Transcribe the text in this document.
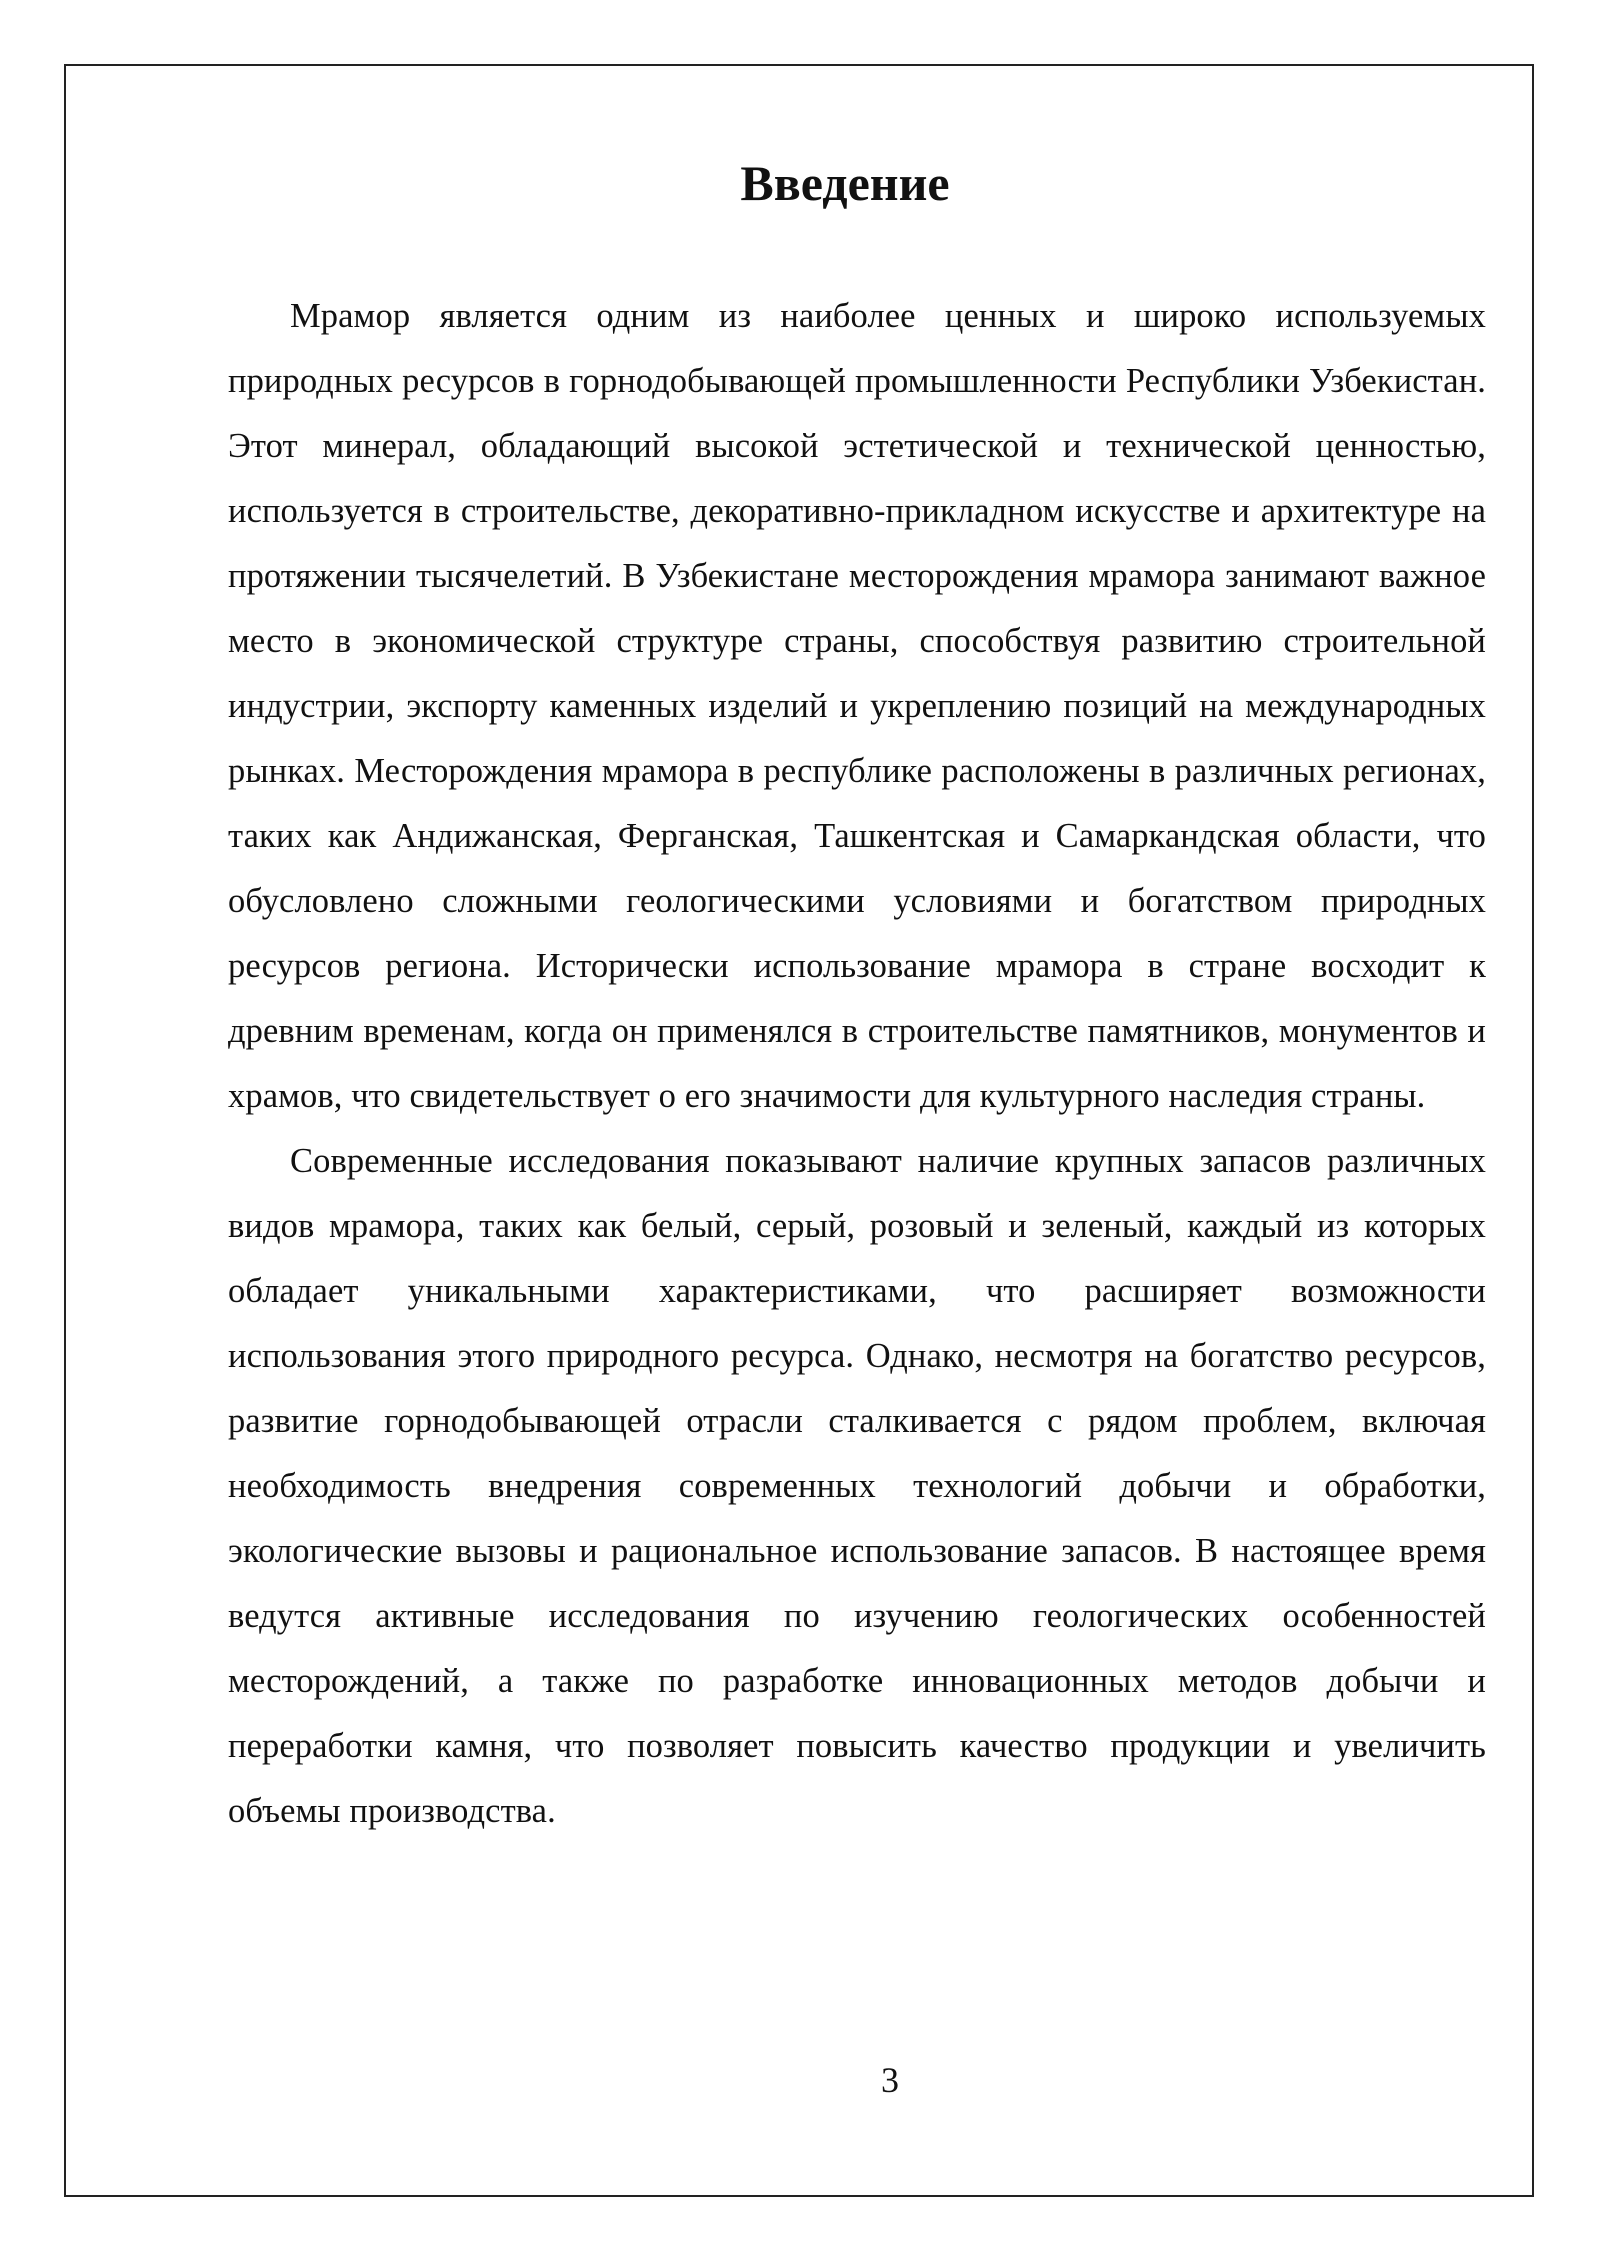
Введение

Мрамор является одним из наиболее ценных и широко используемых природных ресурсов в горнодобывающей промышленности Республики Узбекистан. Этот минерал, обладающий высокой эстетической и технической ценностью, используется в строительстве, декоративно-прикладном искусстве и архитектуре на протяжении тысячелетий. В Узбекистане месторождения мрамора занимают важное место в экономической структуре страны, способствуя развитию строительной индустрии, экспорту каменных изделий и укреплению позиций на международных рынках. Месторождения мрамора в республике расположены в различных регионах, таких как Андижанская, Ферганская, Ташкентская и Самаркандская области, что обусловлено сложными геологическими условиями и богатством природных ресурсов региона. Исторически использование мрамора в стране восходит к древним временам, когда он применялся в строительстве памятников, монументов и храмов, что свидетельствует о его значимости для культурного наследия страны.

Современные исследования показывают наличие крупных запасов различных видов мрамора, таких как белый, серый, розовый и зеленый, каждый из которых обладает уникальными характеристиками, что расширяет возможности использования этого природного ресурса. Однако, несмотря на богатство ресурсов, развитие горнодобывающей отрасли сталкивается с рядом проблем, включая необходимость внедрения современных технологий добычи и обработки, экологические вызовы и рациональное использование запасов. В настоящее время ведутся активные исследования по изучению геологических особенностей месторождений, а также по разработке инновационных методов добычи и переработки камня, что позволяет повысить качество продукции и увеличить объемы производства.

3
